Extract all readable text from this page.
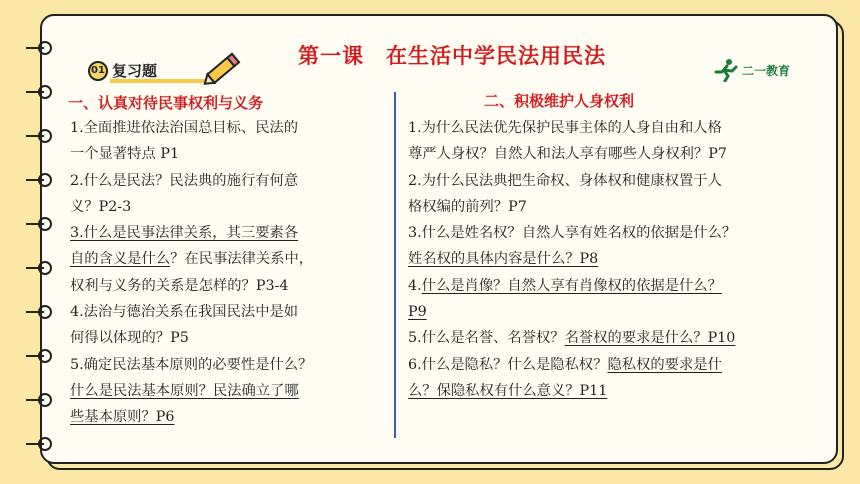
第一课　在生活中学民法用民法
01 复习题	二一教育
一、认真对待民事权利与义务	二、积极维护人身权利
1.全面推进依法治国总目标、民法的
一个显著特点 P1
2.什么是民法？民法典的施行有何意
义？P2-3
3.什么是民事法律关系，其三要素各
自的含义是什么？在民事法律关系中，
权利与义务的关系是怎样的？P3-4
4.法治与德治关系在我国民法中是如
何得以体现的？P5
5.确定民法基本原则的必要性是什么？
什么是民法基本原则？民法确立了哪
些基本原则？P6
1.为什么民法优先保护民事主体的人身自由和人格
尊严人身权？自然人和法人享有哪些人身权利？P7
2.为什么民法典把生命权、身体权和健康权置于人
格权编的前列？P7
3.什么是姓名权？自然人享有姓名权的依据是什么？
姓名权的具体内容是什么？P8
4.什么是肖像？自然人享有肖像权的依据是什么？
P9
5.什么是名誉、名誉权？名誉权的要求是什么？P10
6.什么是隐私？什么是隐私权？隐私权的要求是什
么？保隐私权有什么意义？P11
